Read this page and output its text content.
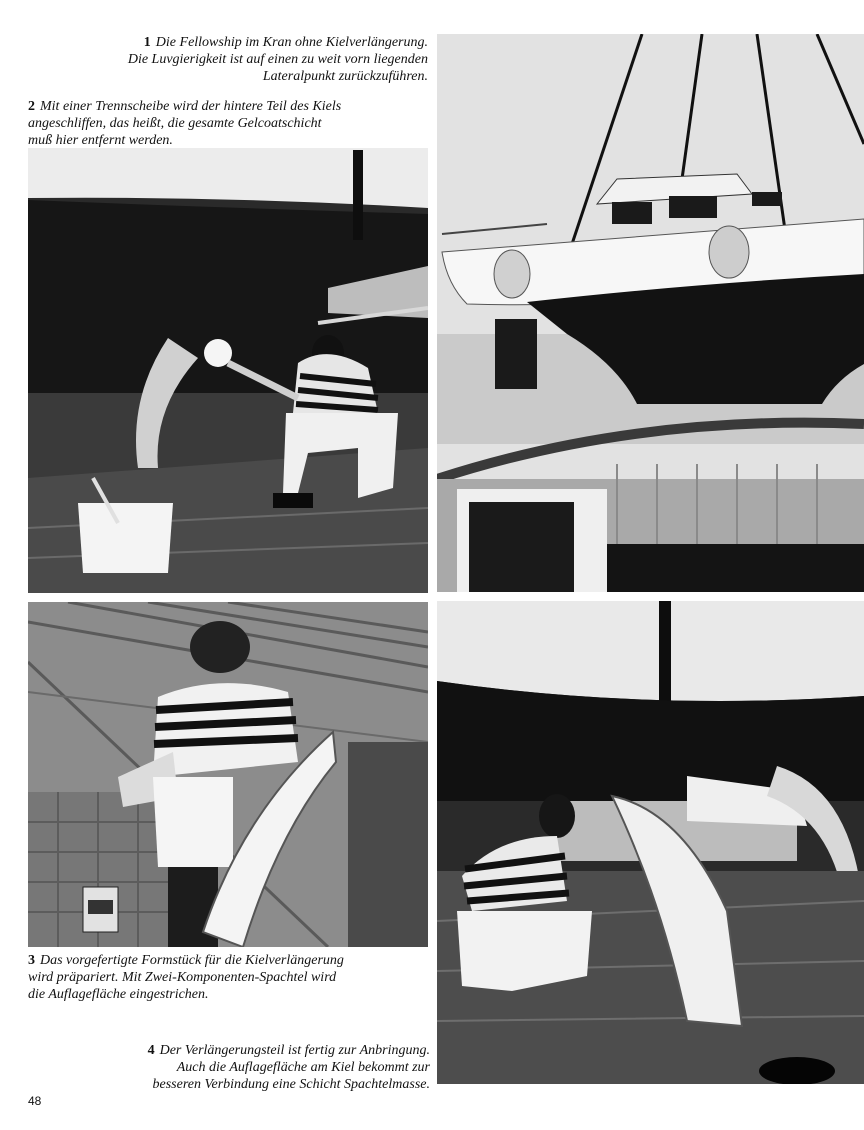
1 Die Fellowship im Kran ohne Kielverlängerung.
Die Luvgierigkeit ist auf einen zu weit vorn liegenden
Lateralpunkt zurückzuführen.
2 Mit einer Trennscheibe wird der hintere Teil des Kiels
angeschliffen, das heißt, die gesamte Gelcoatschicht
muß hier entfernt werden.
3 Das vorgefertigte Formstück für die Kielverlängerung
wird präpariert. Mit Zwei-Komponenten-Spachtel wird
die Auflagefläche eingestrichen.
4 Der Verlängerungsteil ist fertig zur Anbringung.
Auch die Auflagefläche am Kiel bekommt zur
besseren Verbindung eine Schicht Spachtelmasse.
48
